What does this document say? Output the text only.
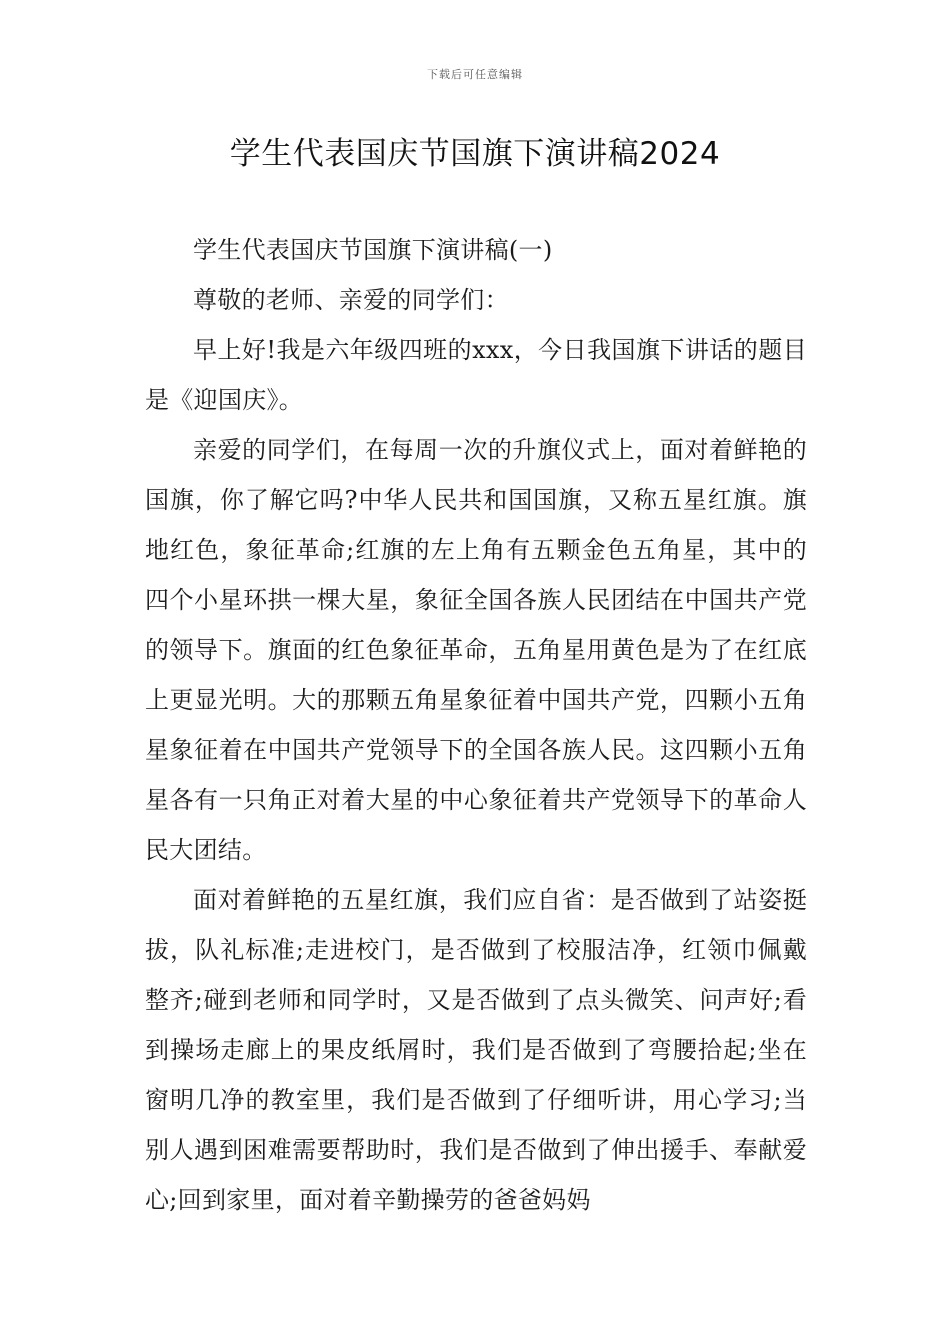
下载后可任意编辑
学生代表国庆节国旗下演讲稿2024

学生代表国庆节国旗下演讲稿(一)

尊敬的老师、亲爱的同学们：

早上好!我是六年级四班的xxx，今日我国旗下讲话的题目是《迎国庆》。

亲爱的同学们，在每周一次的升旗仪式上，面对着鲜艳的国旗，你了解它吗?中华人民共和国国旗，又称五星红旗。旗地红色，象征革命;红旗的左上角有五颗金色五角星，其中的四个小星环拱一棵大星，象征全国各族人民团结在中国共产党的领导下。旗面的红色象征革命，五角星用黄色是为了在红底上更显光明。大的那颗五角星象征着中国共产党，四颗小五角星象征着在中国共产党领导下的全国各族人民。这四颗小五角星各有一只角正对着大星的中心象征着共产党领导下的革命人民大团结。

面对着鲜艳的五星红旗，我们应自省：是否做到了站姿挺拔，队礼标准;走进校门，是否做到了校服洁净，红领巾佩戴整齐;碰到老师和同学时，又是否做到了点头微笑、问声好;看到操场走廊上的果皮纸屑时，我们是否做到了弯腰拾起;坐在窗明几净的教室里，我们是否做到了仔细听讲，用心学习;当别人遇到困难需要帮助时，我们是否做到了伸出援手、奉献爱心;回到家里，面对着辛勤操劳的爸爸妈妈
